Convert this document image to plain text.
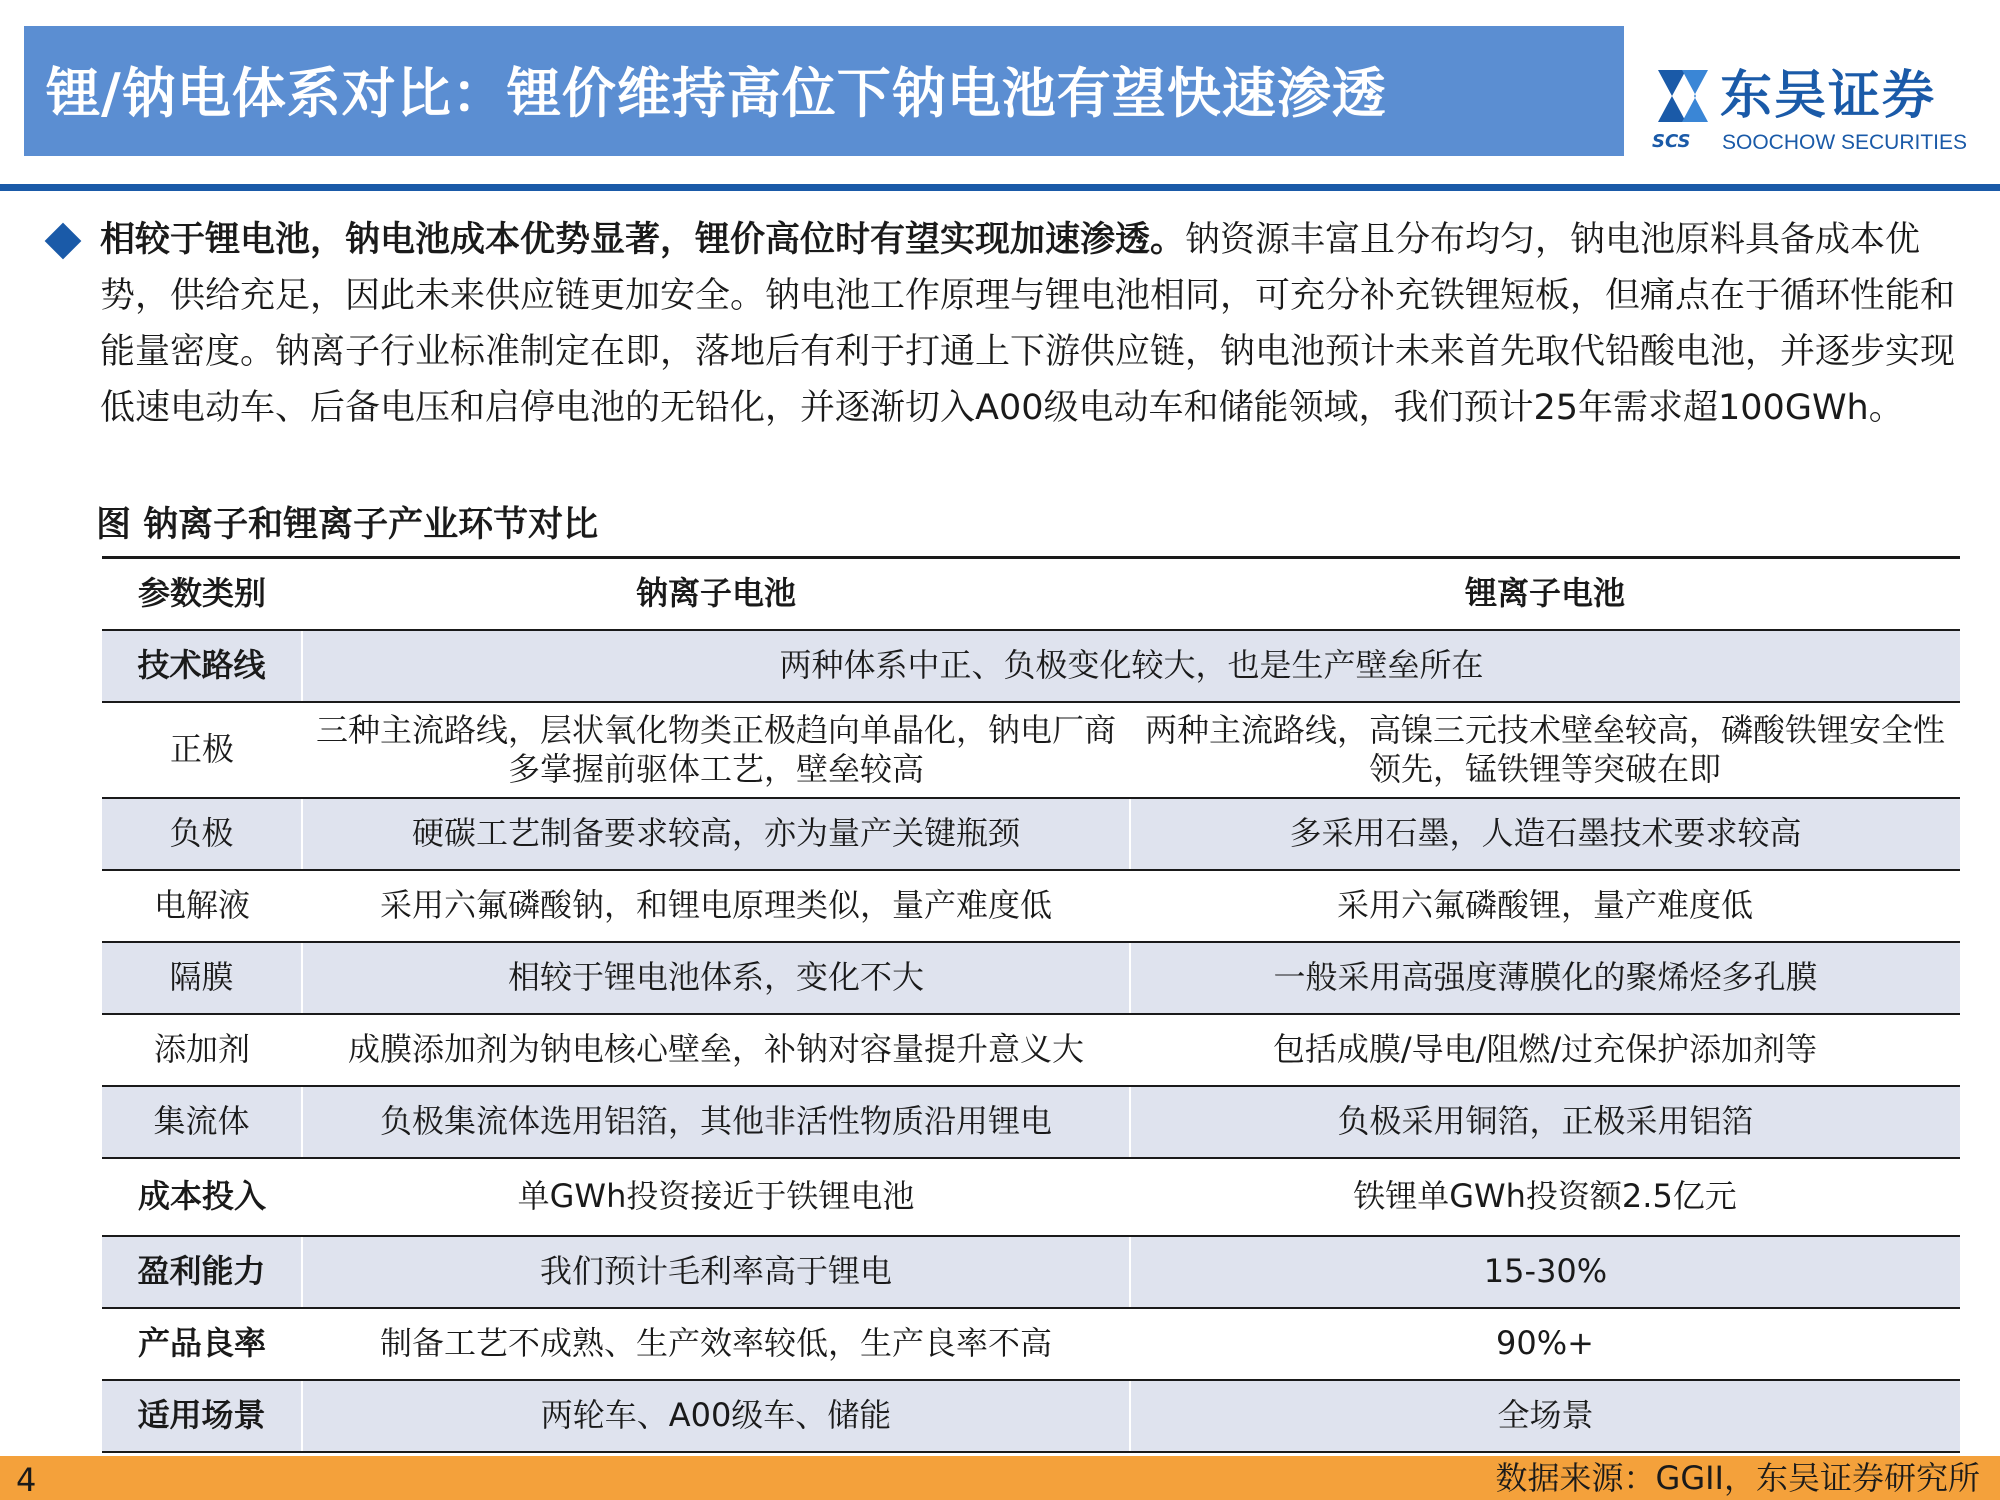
锂/钠电体系对比：锂价维持高位下钠电池有望快速渗透
SCS
东吴证券
SOOCHOW SECURITIES
相较于锂电池，钠电池成本优势显著，锂价高位时有望实现加速渗透。钠资源丰富且分布均匀，钠电池原料具备成本优势，供给充足，因此未来供应链更加安全。钠电池工作原理与锂电池相同，可充分补充铁锂短板，但痛点在于循环性能和能量密度。钠离子行业标准制定在即，落地后有利于打通上下游供应链，钠电池预计未来首先取代铅酸电池，并逐步实现低速电动车、后备电压和启停电池的无铅化，并逐渐切入A00级电动车和储能领域，我们预计25年需求超100GWh。
图 钠离子和锂离子产业环节对比
参数类别	钠离子电池	锂离子电池
技术路线	两种体系中正、负极变化较大，也是生产壁垒所在	
正极	三种主流路线，层状氧化物类正极趋向单晶化，钠电厂商多掌握前驱体工艺，壁垒较高	两种主流路线，高镍三元技术壁垒较高，磷酸铁锂安全性领先，锰铁锂等突破在即
负极	硬碳工艺制备要求较高，亦为量产关键瓶颈	多采用石墨，人造石墨技术要求较高
电解液	采用六氟磷酸钠，和锂电原理类似，量产难度低	采用六氟磷酸锂，量产难度低
隔膜	相较于锂电池体系，变化不大	一般采用高强度薄膜化的聚烯烃多孔膜
添加剂	成膜添加剂为钠电核心壁垒，补钠对容量提升意义大	包括成膜/导电/阻燃/过充保护添加剂等
集流体	负极集流体选用铝箔，其他非活性物质沿用锂电	负极采用铜箔，正极采用铝箔
成本投入	单GWh投资接近于铁锂电池	铁锂单GWh投资额2.5亿元
盈利能力	我们预计毛利率高于锂电	15-30%
产品良率	制备工艺不成熟、生产效率较低，生产良率不高	90%+
适用场景	两轮车、A00级车、储能	全场景
4	数据来源：GGII，东吴证券研究所
